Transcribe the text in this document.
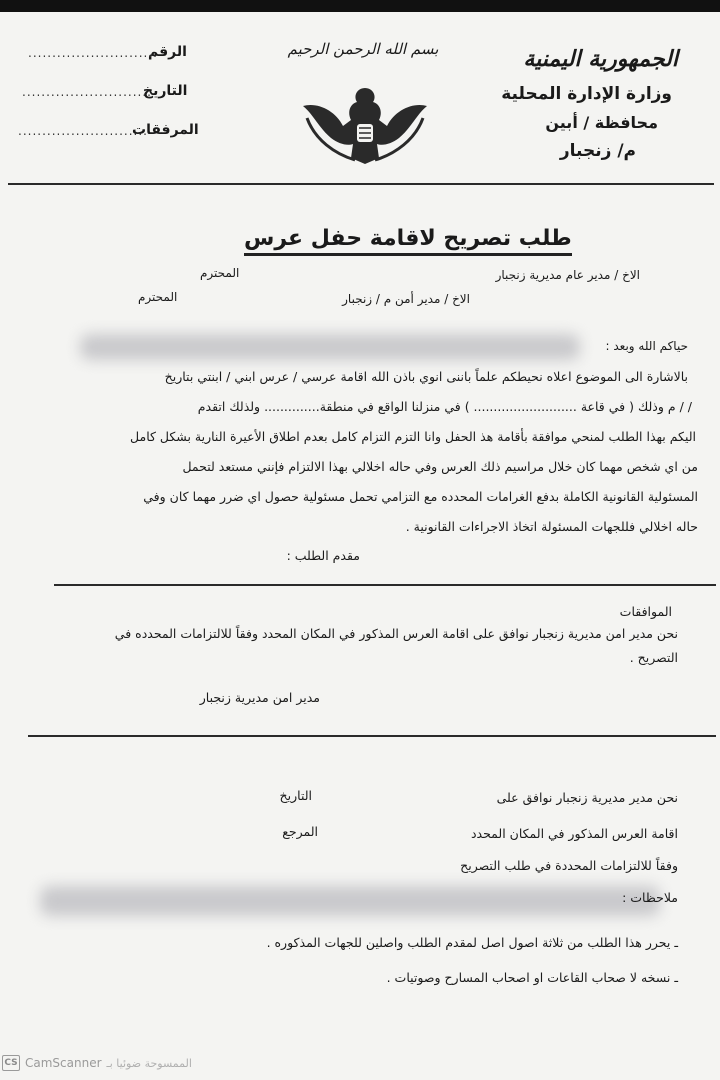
الجمهورية اليمنية
وزارة الإدارة المحلية
محافظة / أبين
م/ زنجبار
بسم الله الرحمن الرحيم
الرقم
...........................
التاريخ
...........................
المرفقات
...........................
طلب تصريح لاقامة حفل عرس
الاخ / مدير عام مديرية زنجبار
المحترم
الاخ / مدير أمن م / زنجبار
المحترم
حياكم الله وبعد :
بالاشارة الى الموضوع اعلاه نحيطكم علماً باننى انوي باذن الله اقامة عرسي / عرس ابني / ابنتي بتاريخ
/ / م وذلك ( في قاعة .......................... ) في منزلنا الواقع في منطقة.............. ولذلك اتقدم
اليكم بهذا الطلب لمنحي موافقة بأقامة هذ الحفل وانا التزم التزام كامل بعدم اطلاق الأعيرة النارية بشكل كامل
من اي شخص مهما كان خلال مراسيم ذلك العرس وفي حاله اخلالي بهذا الالتزام فإنني مستعد لتحمل
المسئولية القانونية الكاملة بدفع الغرامات المحدده مع التزامي تحمل مسئولية حصول اي ضرر مهما كان وفي
حاله اخلالي فللجهات المسئولة اتخاذ الاجراءات القانونية .
مقدم الطلب :
الموافقات
نحن مدير امن مديرية زنجبار نوافق على اقامة العرس المذكور في المكان المحدد وفقاً للالتزامات المحدده في
التصريح .
مدير امن مديرية زنجبار
نحن مدير مديرية زنجبار نوافق على
التاريخ
اقامة العرس المذكور في المكان المحدد
المرجع
وفقاً للالتزامات المحددة في طلب التصريح
ملاحظات :
ـ يحرر هذا الطلب من ثلاثة اصول اصل لمقدم الطلب واصلين للجهات المذكوره .
ـ نسخه لا صحاب القاعات او اصحاب المسارح وصوتيات .
CS CamScanner الممسوحة ضوئيا بـ
